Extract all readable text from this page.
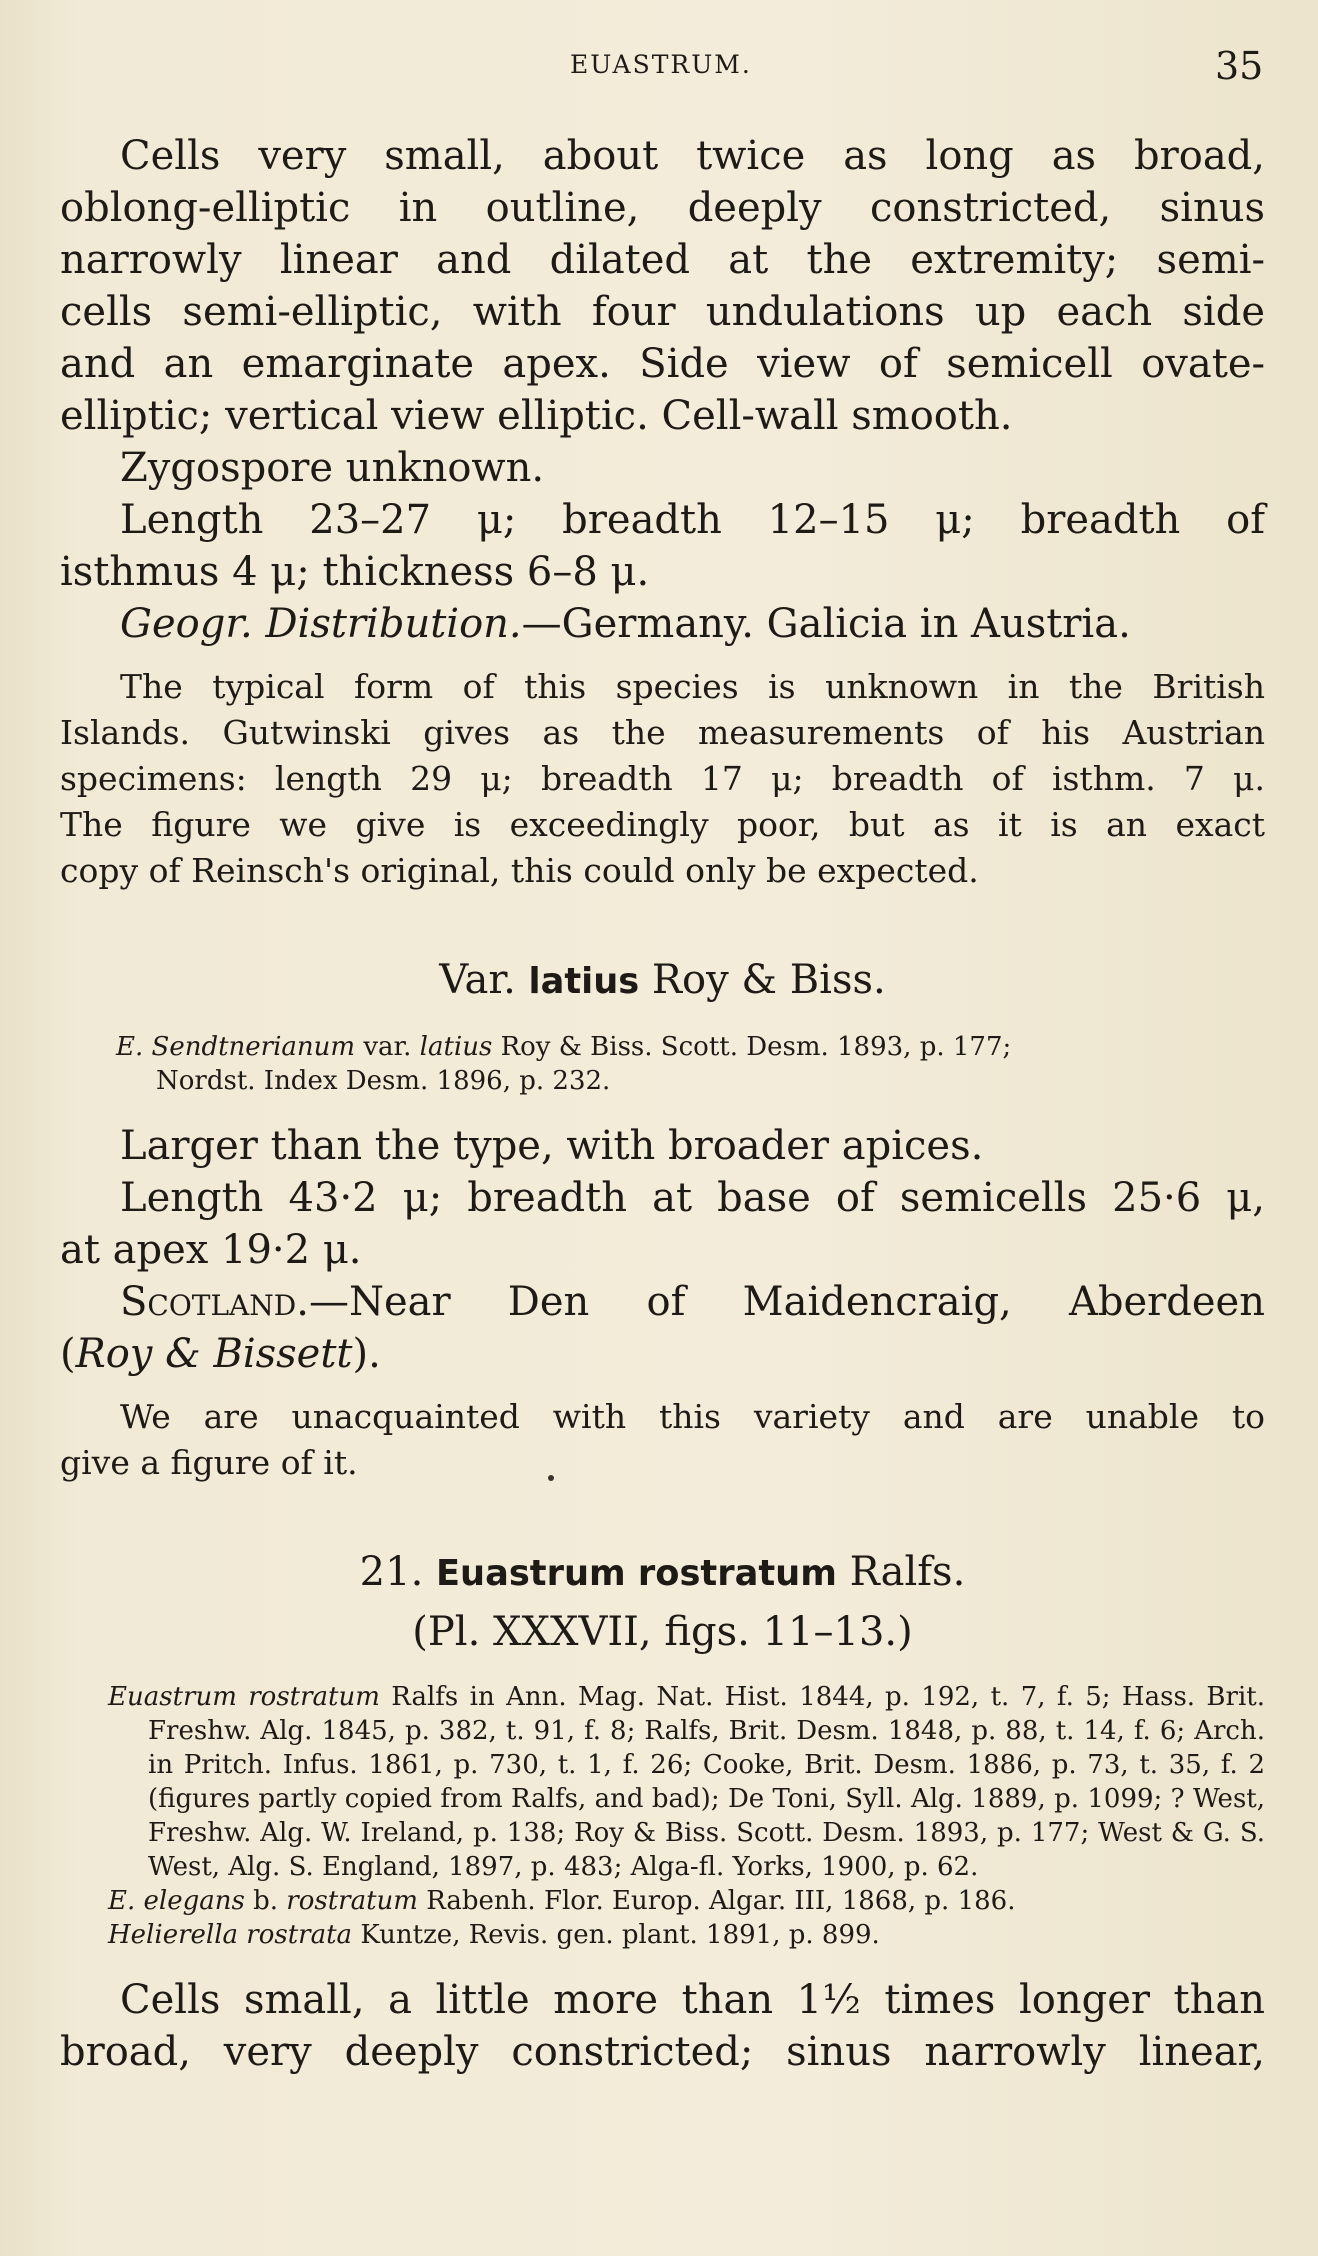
EUASTRUM.	35

Cells very small, about twice as long as broad,

oblong-elliptic in outline, deeply constricted, sinus

narrowly linear and dilated at the extremity; semi-

cells semi-elliptic, with four undulations up each side

and an emarginate apex. Side view of semicell ovate-

elliptic; vertical view elliptic. Cell-wall smooth.

Zygospore unknown.

Length 23–27 μ; breadth 12–15 μ; breadth of

isthmus 4 μ; thickness 6–8 μ.

Geogr. Distribution.—Germany. Galicia in Austria.

The typical form of this species is unknown in the British

Islands. Gutwinski gives as the measurements of his Austrian

specimens: length 29 μ; breadth 17 μ; breadth of isthm. 7 μ.

The figure we give is exceedingly poor, but as it is an exact

copy of Reinsch's original, this could only be expected.

Var. latius Roy & Biss.

E. Sendtnerianum var. latius Roy & Biss. Scott. Desm. 1893, p. 177;
Nordst. Index Desm. 1896, p. 232.

Larger than the type, with broader apices.

Length 43·2 μ; breadth at base of semicells 25·6 μ,

at apex 19·2 μ.

Scotland.—Near Den of Maidencraig, Aberdeen

(Roy & Bissett).

We are unacquainted with this variety and are unable to

give a figure of it.

21. Euastrum rostratum Ralfs.

(Pl. XXXVII, figs. 11–13.)

Euastrum rostratum Ralfs in Ann. Mag. Nat. Hist. 1844, p. 192, t. 7, f. 5; Hass. Brit. Freshw. Alg. 1845, p. 382, t. 91, f. 8; Ralfs, Brit. Desm. 1848, p. 88, t. 14, f. 6; Arch. in Pritch. Infus. 1861, p. 730, t. 1, f. 26; Cooke, Brit. Desm. 1886, p. 73, t. 35, f. 2 (figures partly copied from Ralfs, and bad); De Toni, Syll. Alg. 1889, p. 1099; ? West, Freshw. Alg. W. Ireland, p. 138; Roy & Biss. Scott. Desm. 1893, p. 177; West & G. S. West, Alg. S. England, 1897, p. 483; Alga-fl. Yorks, 1900, p. 62.

E. elegans b. rostratum Rabenh. Flor. Europ. Algar. III, 1868, p. 186.

Helierella rostrata Kuntze, Revis. gen. plant. 1891, p. 899.

Cells small, a little more than 1½ times longer than

broad, very deeply constricted; sinus narrowly linear,
